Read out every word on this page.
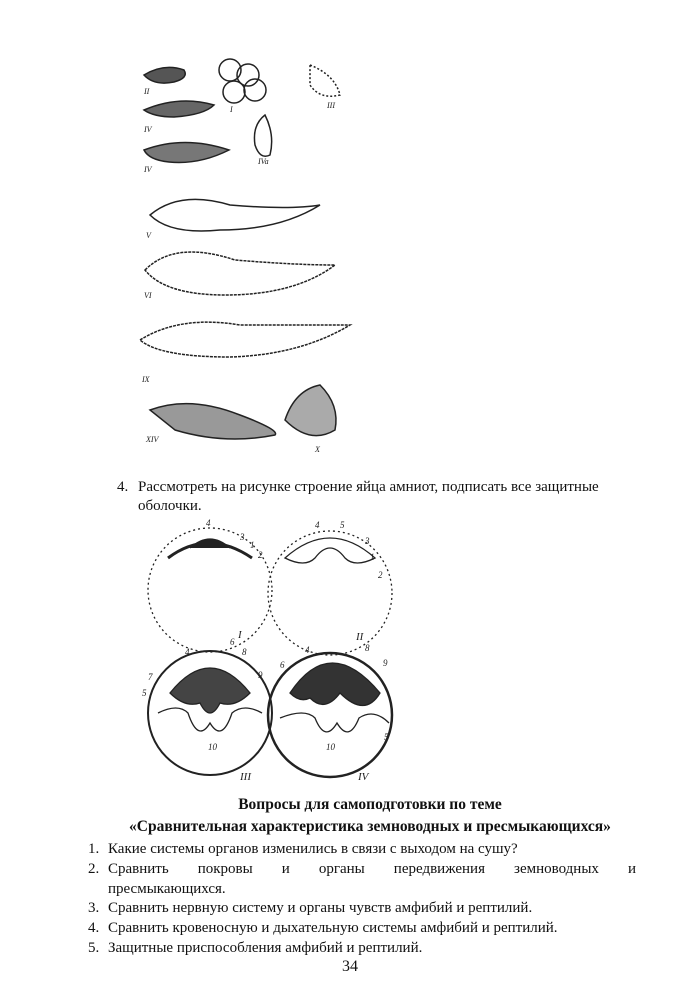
II
I	III
IV
IVa
IV
V
VI
IX
XIV
X
4. Рассмотреть на рисунке строение яйца амниот, подписать все защитные оболочки.
4
3
1
2
4 5
3
1
2
4
6
8
7	9
5
10
4	8
9
6
10
5
I	II
III	IV
Вопросы для самоподготовки по теме
«Сравнительная характеристика земноводных и пресмыкающихся»
1. Какие системы органов изменились в связи с выходом на сушу?
2. Сравнить покровы и органы передвижения земноводных и
пресмыкающихся.
3. Сравнить нервную систему и органы чувств амфибий и рептилий.
4. Сравнить кровеносную и дыхательную системы амфибий и рептилий.
5. Защитные приспособления амфибий и рептилий.
34
